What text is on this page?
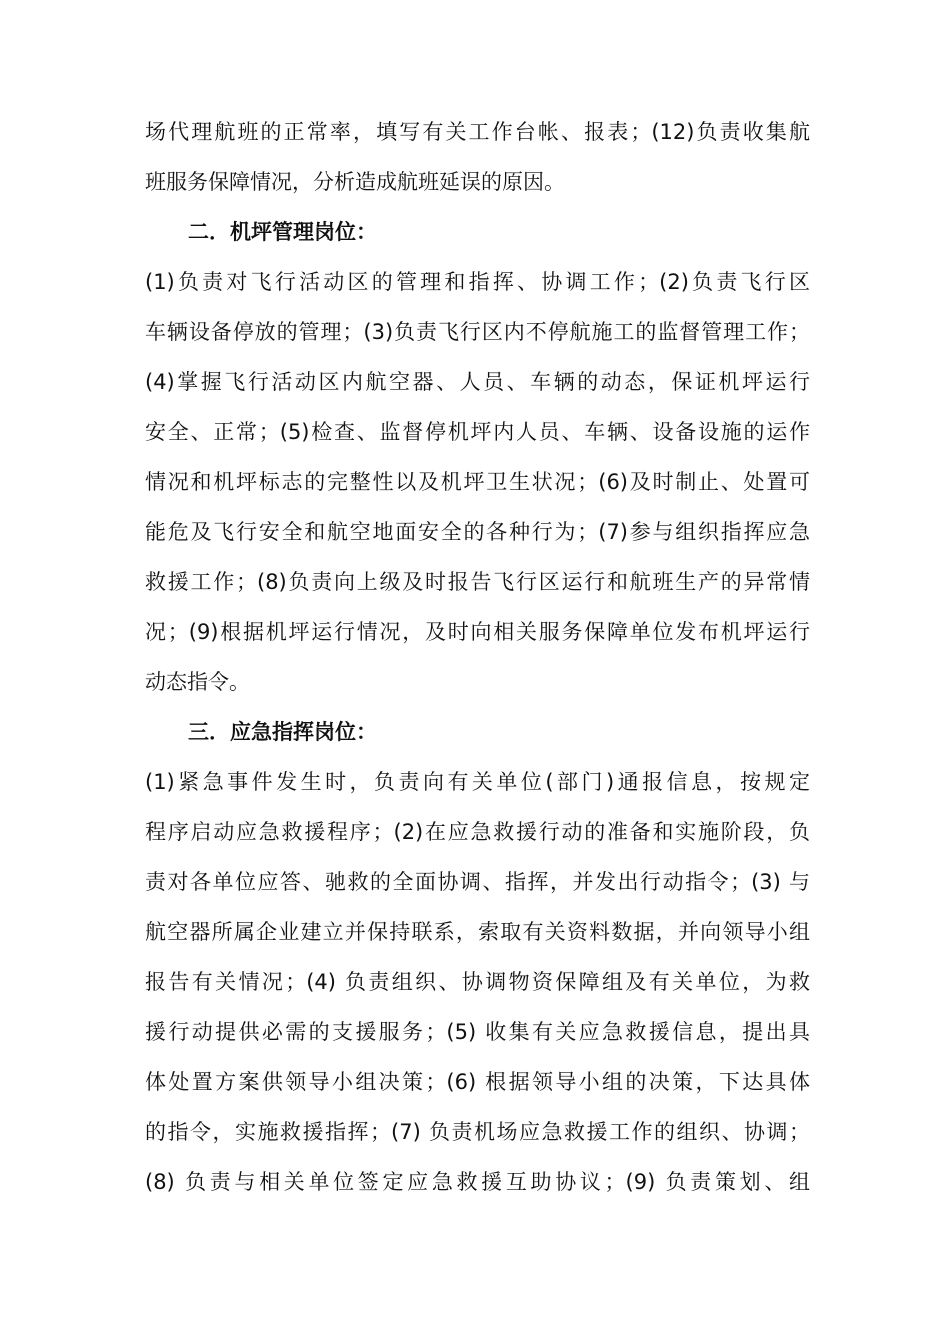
场代理航班的正常率，填写有关工作台帐、报表；(12)负责收集航
班服务保障情况，分析造成航班延误的原因。
二．机坪管理岗位：
(1)负责对飞行活动区的管理和指挥、协调工作；(2)负责飞行区
车辆设备停放的管理；(3)负责飞行区内不停航施工的监督管理工作；
(4)掌握飞行活动区内航空器、人员、车辆的动态，保证机坪运行
安全、正常；(5)检查、监督停机坪内人员、车辆、设备设施的运作
情况和机坪标志的完整性以及机坪卫生状况；(6)及时制止、处置可
能危及飞行安全和航空地面安全的各种行为；(7)参与组织指挥应急
救援工作；(8)负责向上级及时报告飞行区运行和航班生产的异常情
况；(9)根据机坪运行情况，及时向相关服务保障单位发布机坪运行
动态指令。
三．应急指挥岗位：
(1)紧急事件发生时，负责向有关单位(部门)通报信息，按规定
程序启动应急救援程序；(2)在应急救援行动的准备和实施阶段，负
责对各单位应答、驰救的全面协调、指挥，并发出行动指令；(3) 与
航空器所属企业建立并保持联系，索取有关资料数据，并向领导小组
报告有关情况；(4) 负责组织、协调物资保障组及有关单位，为救
援行动提供必需的支援服务；(5) 收集有关应急救援信息，提出具
体处置方案供领导小组决策；(6) 根据领导小组的决策，下达具体
的指令，实施救援指挥；(7) 负责机场应急救援工作的组织、协调；
(8) 负责与相关单位签定应急救援互助协议；(9) 负责策划、组
